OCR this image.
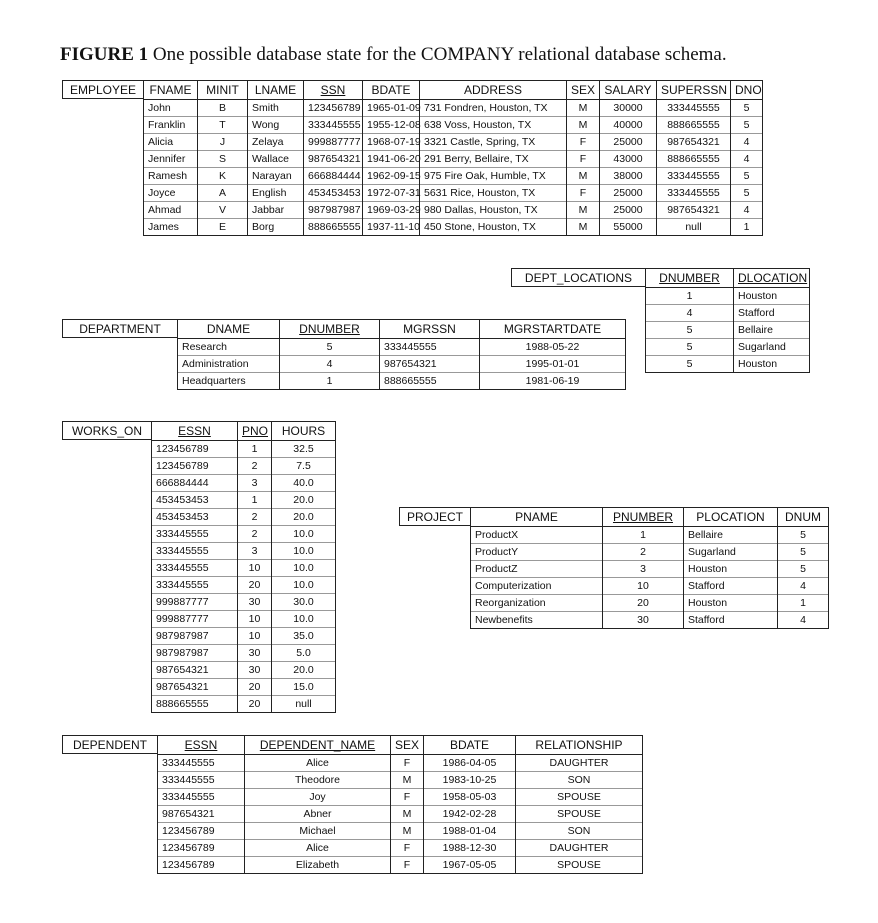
FIGURE 1 One possible database state for the COMPANY relational database schema.
EMPLOYEE	FNAME	MINIT	LNAME	SSN	BDATE	ADDRESS	SEX	SALARY	SUPERSSN	DNO
John	B	Smith	123456789	1965-01-09	731 Fondren, Houston, TX	M	30000	333445555	5
Franklin	T	Wong	333445555	1955-12-08	638 Voss, Houston, TX	M	40000	888665555	5
Alicia	J	Zelaya	999887777	1968-07-19	3321 Castle, Spring, TX	F	25000	987654321	4
Jennifer	S	Wallace	987654321	1941-06-20	291 Berry, Bellaire, TX	F	43000	888665555	4
Ramesh	K	Narayan	666884444	1962-09-15	975 Fire Oak, Humble, TX	M	38000	333445555	5
Joyce	A	English	453453453	1972-07-31	5631 Rice, Houston, TX	F	25000	333445555	5
Ahmad	V	Jabbar	987987987	1969-03-29	980 Dallas, Houston, TX	M	25000	987654321	4
James	E	Borg	888665555	1937-11-10	450 Stone, Houston, TX	M	55000	null	1
DEPT_LOCATIONS	DNUMBER	DLOCATION
1	Houston
4	Stafford
5	Bellaire
5	Sugarland
5	Houston
DEPARTMENT	DNAME	DNUMBER	MGRSSN	MGRSTARTDATE
Research	5	333445555	1988-05-22
Administration	4	987654321	1995-01-01
Headquarters	1	888665555	1981-06-19
WORKS_ON	ESSN	PNO	HOURS
123456789	1	32.5
123456789	2	7.5
666884444	3	40.0
453453453	1	20.0
453453453	2	20.0
333445555	2	10.0
333445555	3	10.0
333445555	10	10.0
333445555	20	10.0
999887777	30	30.0
999887777	10	10.0
987987987	10	35.0
987987987	30	5.0
987654321	30	20.0
987654321	20	15.0
888665555	20	null
PROJECT	PNAME	PNUMBER	PLOCATION	DNUM
ProductX	1	Bellaire	5
ProductY	2	Sugarland	5
ProductZ	3	Houston	5
Computerization	10	Stafford	4
Reorganization	20	Houston	1
Newbenefits	30	Stafford	4
DEPENDENT	ESSN	DEPENDENT_NAME	SEX	BDATE	RELATIONSHIP
333445555	Alice	F	1986-04-05	DAUGHTER
333445555	Theodore	M	1983-10-25	SON
333445555	Joy	F	1958-05-03	SPOUSE
987654321	Abner	M	1942-02-28	SPOUSE
123456789	Michael	M	1988-01-04	SON
123456789	Alice	F	1988-12-30	DAUGHTER
123456789	Elizabeth	F	1967-05-05	SPOUSE
